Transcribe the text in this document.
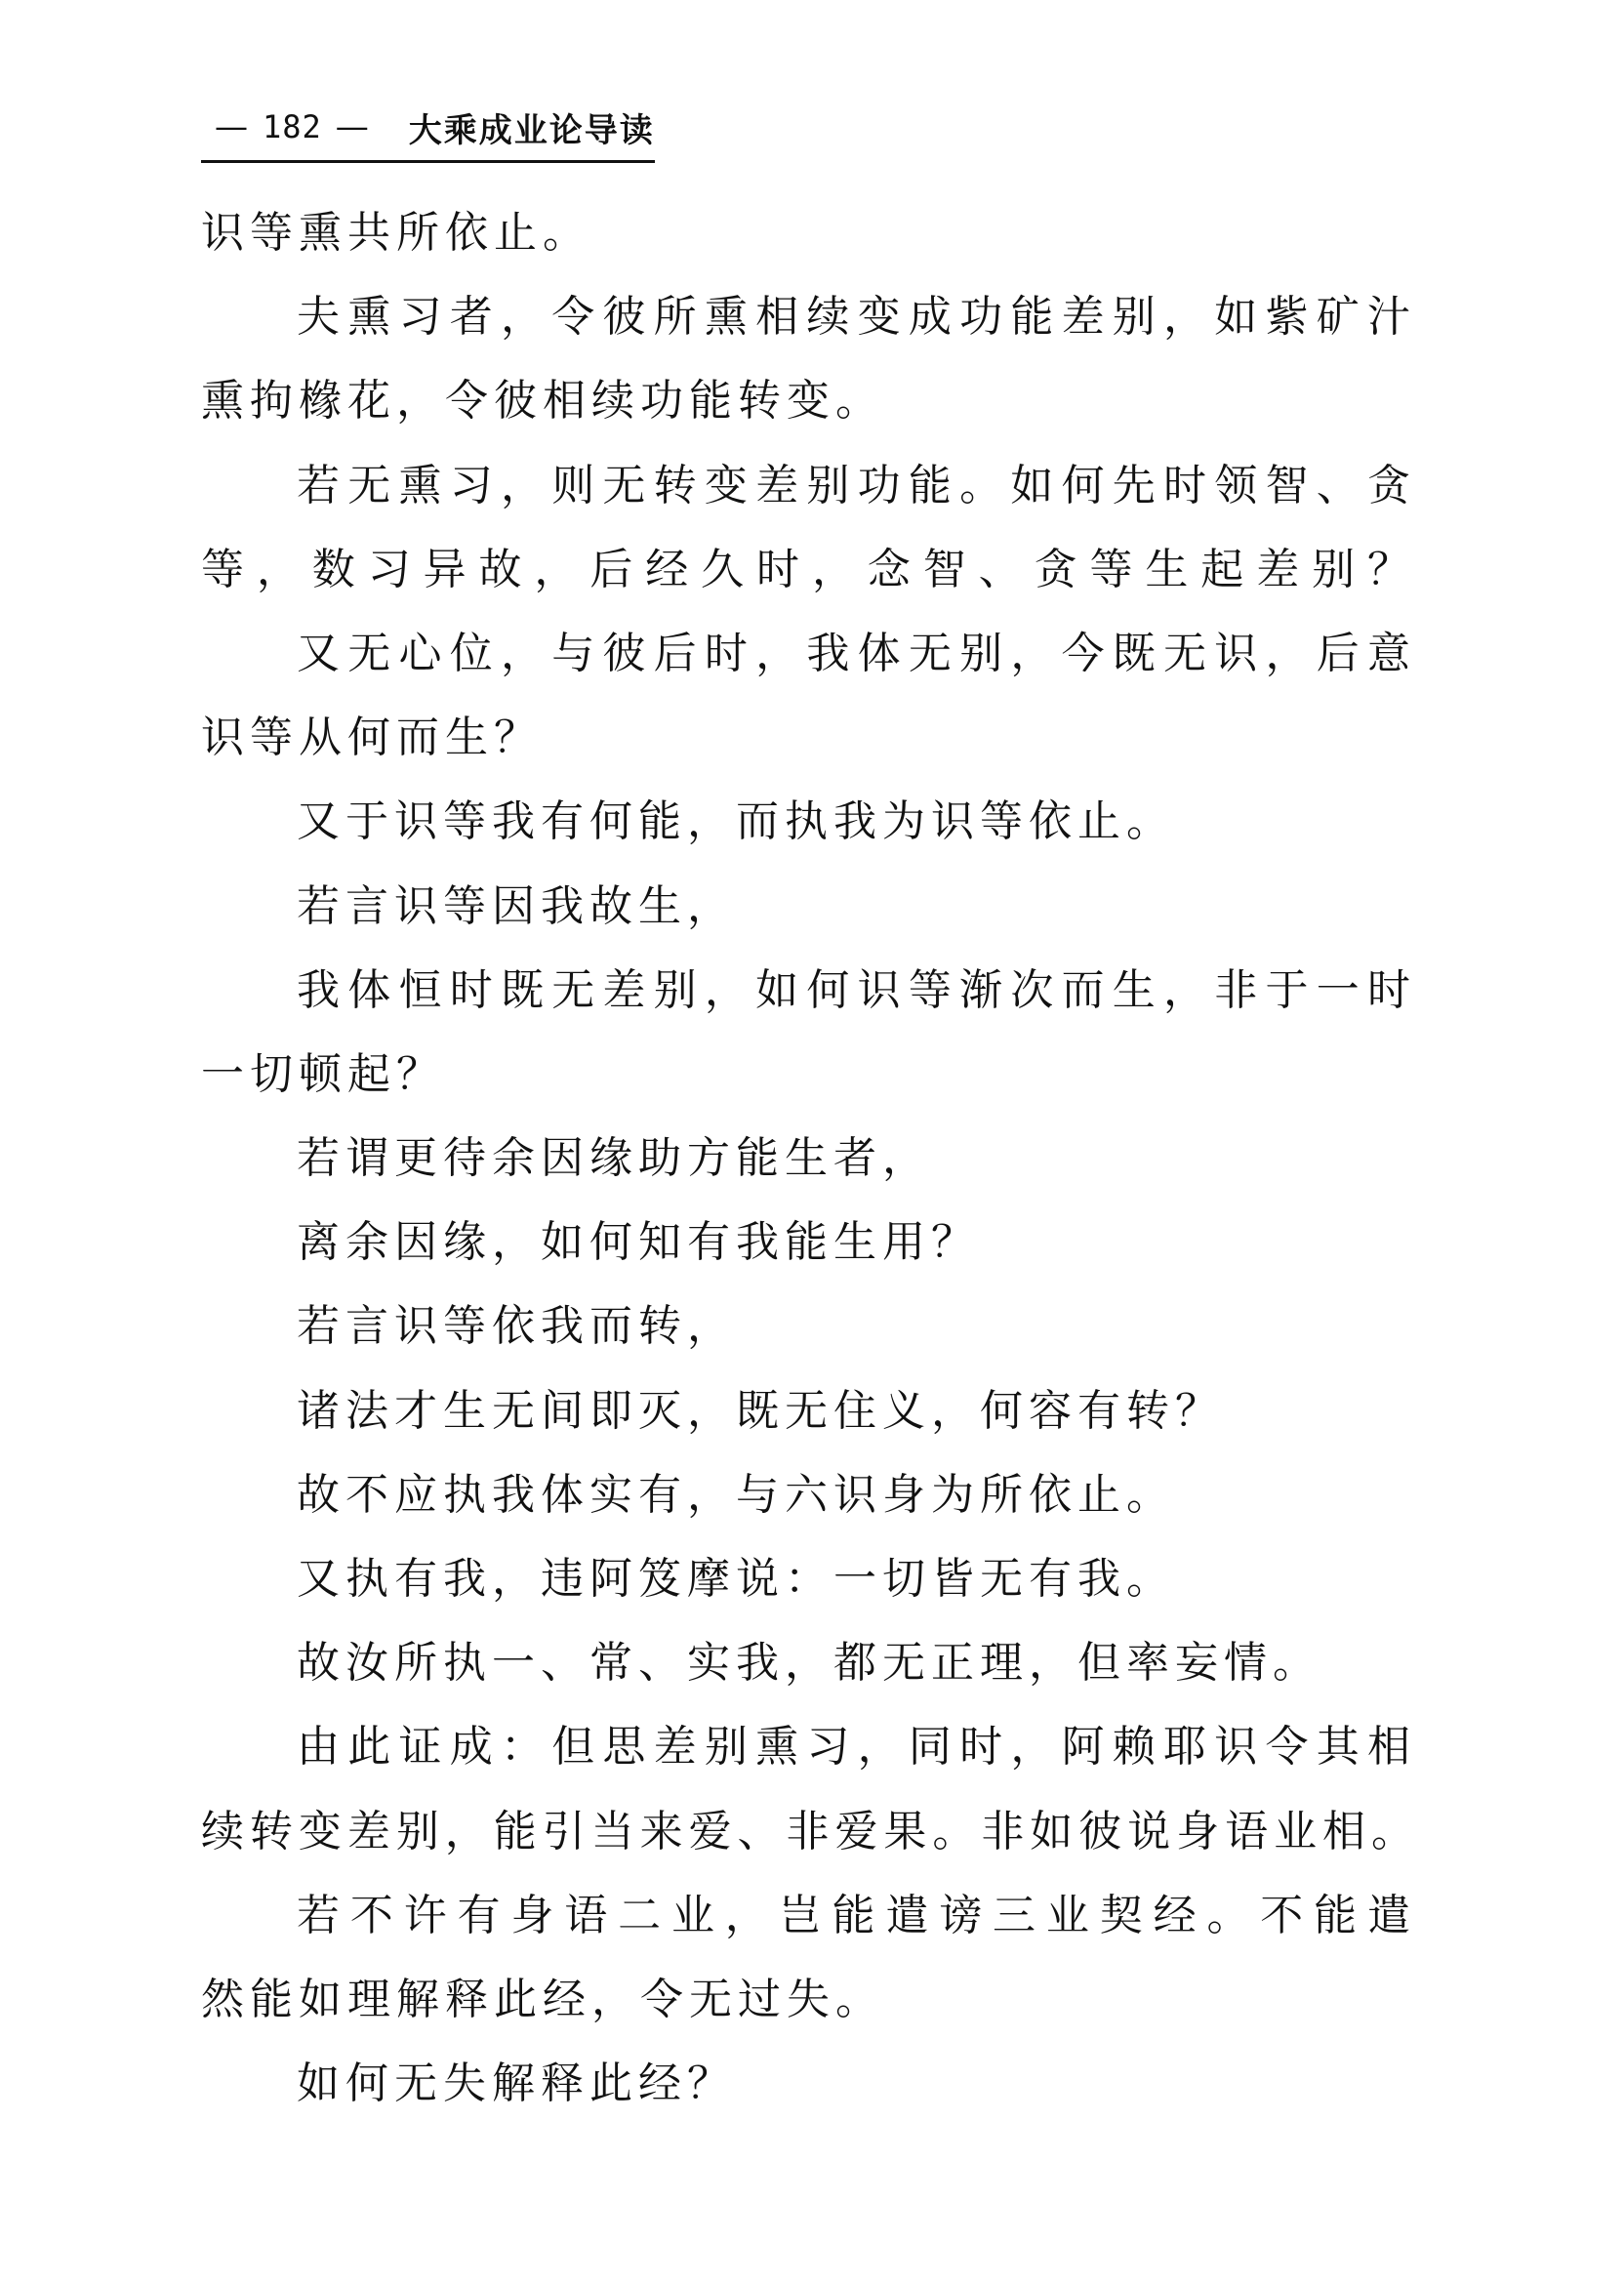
— 182 — 大乘成业论导读
识等熏共所依止。
夫熏习者，令彼所熏相续变成功能差别，如紫矿汁
熏拘橼花，令彼相续功能转变。
若无熏习，则无转变差别功能。如何先时领智、贪
等，数习异故，后经久时，念智、贪等生起差别？
又无心位，与彼后时，我体无别，今既无识，后意
识等从何而生？
又于识等我有何能，而执我为识等依止。
若言识等因我故生，
我体恒时既无差别，如何识等渐次而生，非于一时
一切顿起？
若谓更待余因缘助方能生者，
离余因缘，如何知有我能生用？
若言识等依我而转，
诸法才生无间即灭，既无住义，何容有转？
故不应执我体实有，与六识身为所依止。
又执有我，违阿笈摩说：一切皆无有我。
故汝所执一、常、实我，都无正理，但率妄情。
由此证成：但思差别熏习，同时，阿赖耶识令其相
续转变差别，能引当来爱、非爱果。非如彼说身语业相。
若不许有身语二业，岂能遣谤三业契经。不能遣
然能如理解释此经，令无过失。
如何无失解释此经？
